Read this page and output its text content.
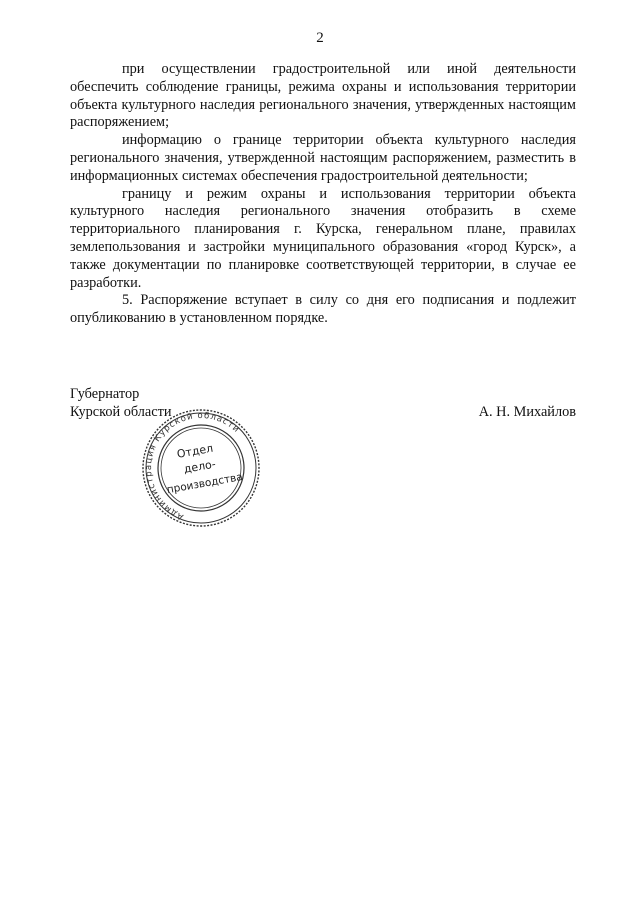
2

при осуществлении градостроительной или иной деятельности обеспечить соблюдение границы, режима охраны и использования территории объекта культурного наследия регионального значения, утвержденных настоящим распоряжением;

информацию о границе территории объекта культурного наследия регионального значения, утвержденной настоящим распоряжением, разместить в информационных системах обеспечения градостроительной деятельности;

границу и режим охраны и использования территории объекта культурного наследия регионального значения отобразить в схеме территориального планирования г. Курска, генеральном плане, правилах землепользования и застройки муниципального образования «город Курск», а также документации по планировке соответствующей территории, в случае ее разработки.

5. Распоряжение вступает в силу со дня его подписания и подлежит опубликованию в установленном порядке.

Губернатор
Курской области	А. Н. Михайлов
Администрация Курской области
Отдел
дело-
производства
